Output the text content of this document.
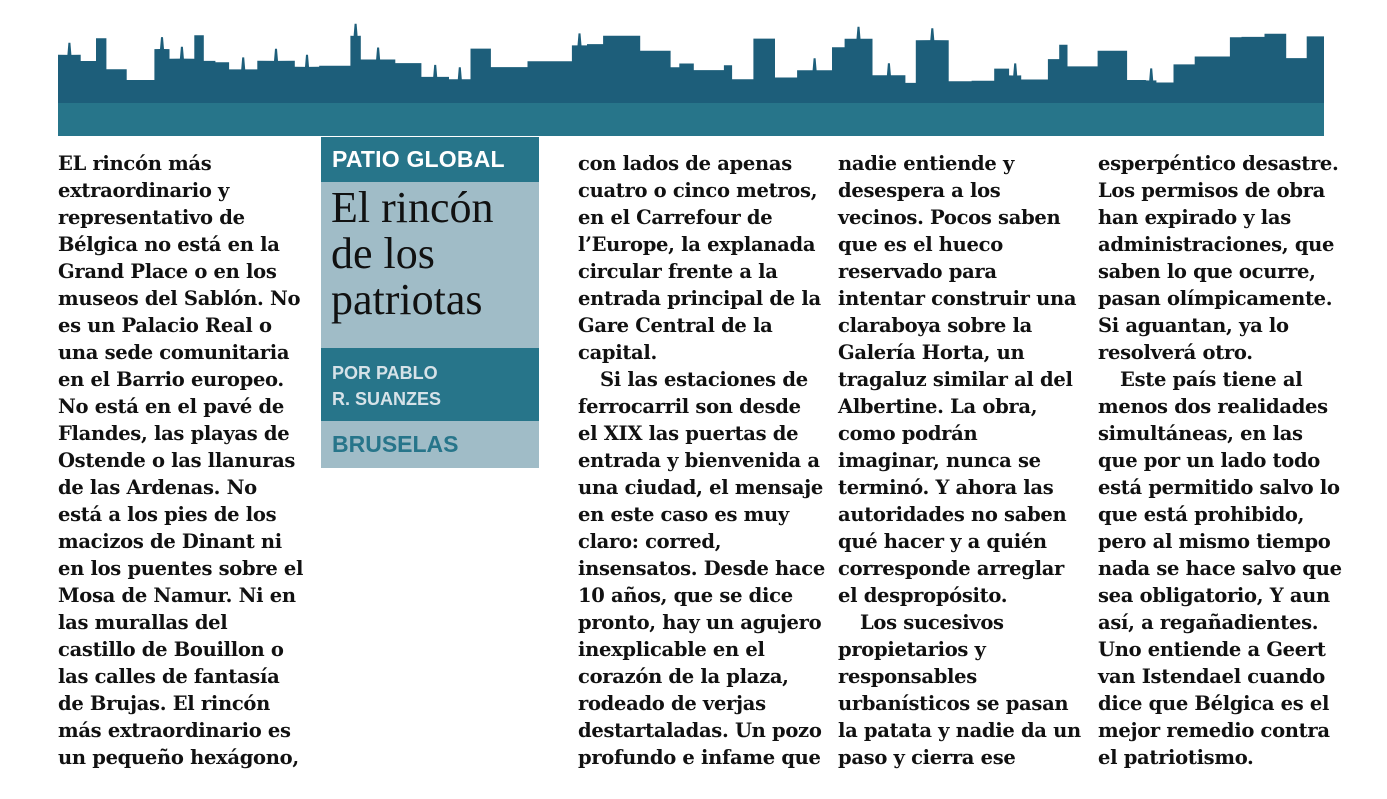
EL rincón más
extraordinario y
representativo de
Bélgica no está en la
Grand Place o en los
museos del Sablón. No
es un Palacio Real o
una sede comunitaria
en el Barrio europeo.
No está en el pavé de
Flandes, las playas de
Ostende o las llanuras
de las Ardenas. No
está a los pies de los
macizos de Dinant ni
en los puentes sobre el
Mosa de Namur. Ni en
las murallas del
castillo de Bouillon o
las calles de fantasía
de Brujas. El rincón
más extraordinario es
un pequeño hexágono,
PATIO GLOBAL
El rincón
de los
patriotas
POR PABLO
R. SUANZES
BRUSELAS
con lados de apenas
cuatro o cinco metros,
en el Carrefour de
l’Europe, la explanada
circular frente a la
entrada principal de la
Gare Central de la
capital.
Si las estaciones de
ferrocarril son desde
el XIX las puertas de
entrada y bienvenida a
una ciudad, el mensaje
en este caso es muy
claro: corred,
insensatos. Desde hace
10 años, que se dice
pronto, hay un agujero
inexplicable en el
corazón de la plaza,
rodeado de verjas
destartaladas. Un pozo
profundo e infame que
nadie entiende y
desespera a los
vecinos. Pocos saben
que es el hueco
reservado para
intentar construir una
claraboya sobre la
Galería Horta, un
tragaluz similar al del
Albertine. La obra,
como podrán
imaginar, nunca se
terminó. Y ahora las
autoridades no saben
qué hacer y a quién
corresponde arreglar
el despropósito.
Los sucesivos
propietarios y
responsables
urbanísticos se pasan
la patata y nadie da un
paso y cierra ese
esperpéntico desastre.
Los permisos de obra
han expirado y las
administraciones, que
saben lo que ocurre,
pasan olímpicamente.
Si aguantan, ya lo
resolverá otro.
Este país tiene al
menos dos realidades
simultáneas, en las
que por un lado todo
está permitido salvo lo
que está prohibido,
pero al mismo tiempo
nada se hace salvo que
sea obligatorio, Y aun
así, a regañadientes.
Uno entiende a Geert
van Istendael cuando
dice que Bélgica es el
mejor remedio contra
el patriotismo.
